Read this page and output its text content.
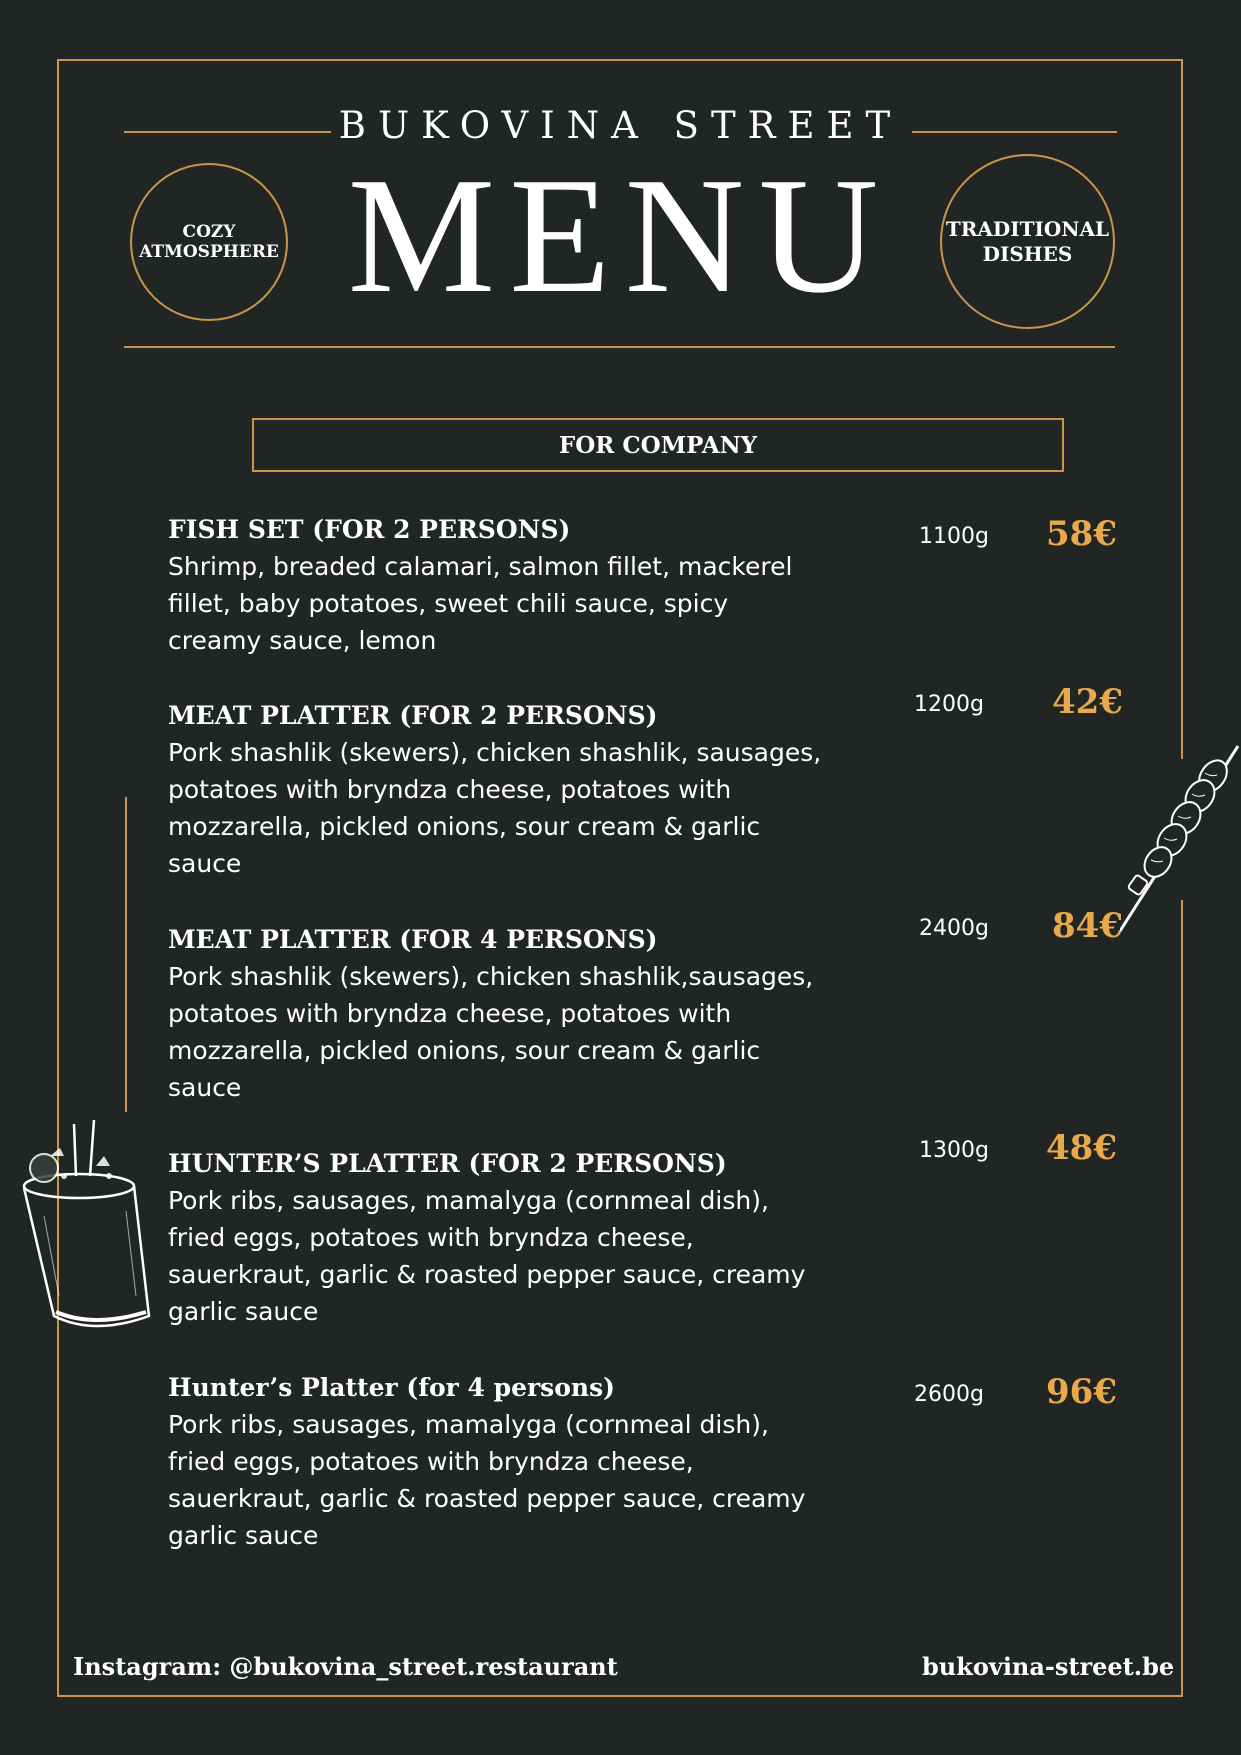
BUKOVINA STREET
MENU
COZY
ATMOSPHERE
TRADITIONAL
DISHES
FOR COMPANY
FISH SET (FOR 2 PERSONS)
Shrimp, breaded calamari, salmon fillet, mackerel
fillet, baby potatoes, sweet chili sauce, spicy
creamy sauce, lemon
1100g 58€
MEAT PLATTER (FOR 2 PERSONS)
Pork shashlik (skewers), chicken shashlik, sausages,
potatoes with bryndza cheese, potatoes with
mozzarella, pickled onions, sour cream & garlic
sauce
1200g 42€
MEAT PLATTER (FOR 4 PERSONS)
Pork shashlik (skewers), chicken shashlik,sausages,
potatoes with bryndza cheese, potatoes with
mozzarella, pickled onions, sour cream & garlic
sauce
2400g 84€
HUNTER’S PLATTER (FOR 2 PERSONS)
Pork ribs, sausages, mamalyga (cornmeal dish),
fried eggs, potatoes with bryndza cheese,
sauerkraut, garlic & roasted pepper sauce, creamy
garlic sauce
1300g 48€
Hunter’s Platter (for 4 persons)
Pork ribs, sausages, mamalyga (cornmeal dish),
fried eggs, potatoes with bryndza cheese,
sauerkraut, garlic & roasted pepper sauce, creamy
garlic sauce
2600g 96€
Instagram: @bukovina_street.restaurant	bukovina-street.be
